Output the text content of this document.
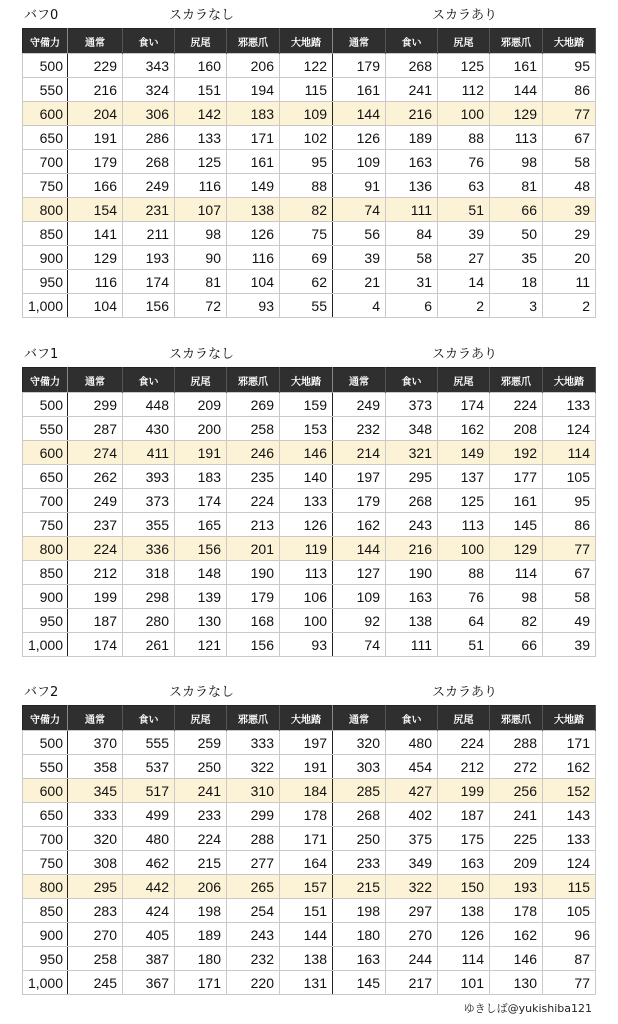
バフ0	スカラなし	スカラあり
守備力	通常	食い	尻尾	邪悪爪	大地踏	通常	食い	尻尾	邪悪爪	大地踏
500	229	343	160	206	122	179	268	125	161	95
550	216	324	151	194	115	161	241	112	144	86
600	204	306	142	183	109	144	216	100	129	77
650	191	286	133	171	102	126	189	88	113	67
700	179	268	125	161	95	109	163	76	98	58
750	166	249	116	149	88	91	136	63	81	48
800	154	231	107	138	82	74	111	51	66	39
850	141	211	98	126	75	56	84	39	50	29
900	129	193	90	116	69	39	58	27	35	20
950	116	174	81	104	62	21	31	14	18	11
1,000	104	156	72	93	55	4	6	2	3	2
バフ1	スカラなし	スカラあり
守備力	通常	食い	尻尾	邪悪爪	大地踏	通常	食い	尻尾	邪悪爪	大地踏
500	299	448	209	269	159	249	373	174	224	133
550	287	430	200	258	153	232	348	162	208	124
600	274	411	191	246	146	214	321	149	192	114
650	262	393	183	235	140	197	295	137	177	105
700	249	373	174	224	133	179	268	125	161	95
750	237	355	165	213	126	162	243	113	145	86
800	224	336	156	201	119	144	216	100	129	77
850	212	318	148	190	113	127	190	88	114	67
900	199	298	139	179	106	109	163	76	98	58
950	187	280	130	168	100	92	138	64	82	49
1,000	174	261	121	156	93	74	111	51	66	39
バフ2	スカラなし	スカラあり
守備力	通常	食い	尻尾	邪悪爪	大地踏	通常	食い	尻尾	邪悪爪	大地踏
500	370	555	259	333	197	320	480	224	288	171
550	358	537	250	322	191	303	454	212	272	162
600	345	517	241	310	184	285	427	199	256	152
650	333	499	233	299	178	268	402	187	241	143
700	320	480	224	288	171	250	375	175	225	133
750	308	462	215	277	164	233	349	163	209	124
800	295	442	206	265	157	215	322	150	193	115
850	283	424	198	254	151	198	297	138	178	105
900	270	405	189	243	144	180	270	126	162	96
950	258	387	180	232	138	163	244	114	146	87
1,000	245	367	171	220	131	145	217	101	130	77
ゆきしば@yukishiba121
